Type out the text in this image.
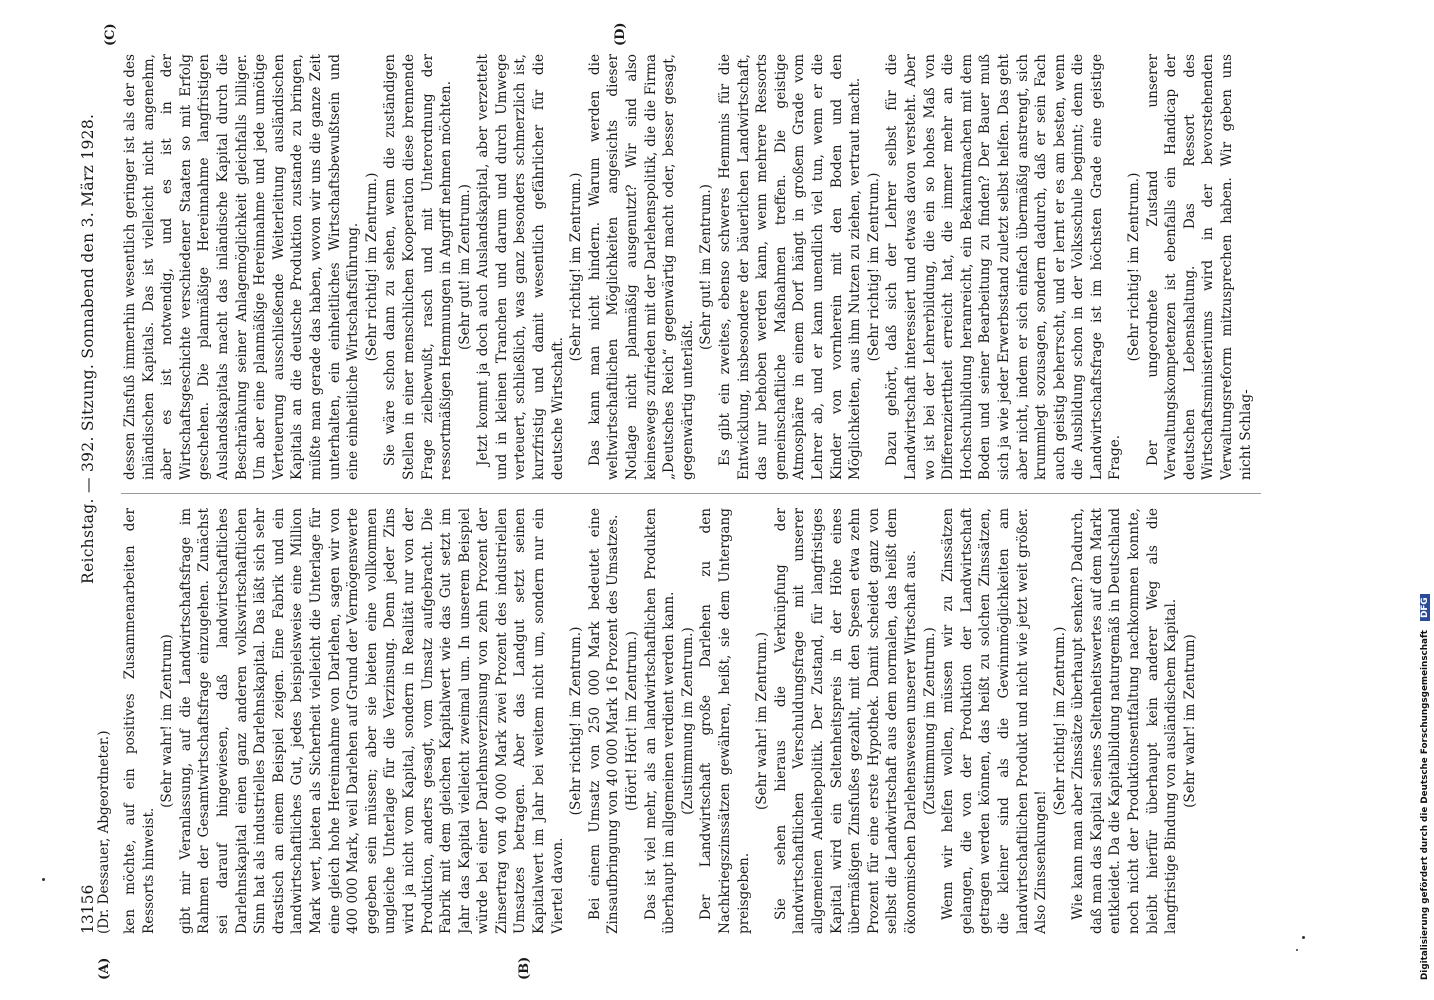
13156
Reichstag. — 392. Sitzung. Sonnabend den 3. März 1928.
(Dr. Dessauer, Abgeordneter.)
(A)	(B)
(C)	(D)

ken möchte, auf ein positives Zusammenarbeiten der Ressorts hinweist.

(Sehr wahr! im Zentrum) gibt mir Veranlassung, auf die Landwirtschaftsfrage im Rahmen der Gesamtwirtschaftsfrage einzugehen. Zunächst sei darauf hingewiesen, daß landwirtschaftliches Darlehnskapital einen ganz anderen volkswirtschaftlichen Sinn hat als industrielles Darlehnskapital. Das läßt sich sehr drastisch an einem Beispiel zeigen. Eine Fabrik und ein landwirtschaftliches Gut, jedes beispielsweise eine Million Mark wert, bieten als Sicherheit vielleicht die Unterlage für eine gleich hohe Hereinnahme von Darlehen, sagen wir von 400 000 Mark, weil Darlehen auf Grund der Vermögenswerte gegeben sein müssen; aber sie bieten eine vollkommen ungleiche Unterlage für die Verzinsung. Denn jeder Zins wird ja nicht vom Kapital, sondern in Realität nur von der Produktion, anders gesagt, vom Umsatz aufgebracht. Die Fabrik mit dem gleichen Kapitalwert wie das Gut setzt im Jahr das Kapital vielleicht zweimal um. In unserem Beispiel würde bei einer Darlehnsverzinsung von zehn Prozent der Zinsertrag von 40 000 Mark zwei Prozent des industriellen Umsatzes betragen. Aber das Landgut setzt seinen Kapitalwert im Jahr bei weitem nicht um, sondern nur ein Viertel davon.

(Sehr richtig! im Zentrum.) Bei einem Umsatz von 250 000 Mark bedeutet eine Zinsaufbringung von 40 000 Mark 16 Prozent des Umsatzes. (Hört! Hört! im Zentrum.) Das ist viel mehr, als an landwirtschaftlichen Produkten überhaupt im allgemeinen verdient werden kann. (Zustimmung im Zentrum.) Der Landwirtschaft große Darlehen zu den Nachkriegszinssätzen gewähren, heißt, sie dem Untergang preisgeben.

(Sehr wahr! im Zentrum.) Sie sehen hieraus die Verknüpfung der landwirtschaftlichen Verschuldungsfrage mit unserer allgemeinen Anleihepolitik. Der Zustand, für langfristiges Kapital wird ein Seltenheitspreis in der Höhe eines übermäßigen Zinsfußes gezahlt, mit den Spesen etwa zehn Prozent für eine erste Hypothek. Damit scheidet ganz von selbst die Landwirtschaft aus dem normalen, das heißt dem ökonomischen Darlehenswesen unserer Wirtschaft aus. (Zustimmung im Zentrum.) Wenn wir helfen wollen, müssen wir zu Zinssätzen gelangen, die von der Produktion der Landwirtschaft getragen werden können, das heißt zu solchen Zinssätzen, die kleiner sind als die Gewinnmöglichkeiten am landwirtschaftlichen Produkt und nicht wie jetzt weit größer. Also Zinssenkungen!

(Sehr richtig! im Zentrum.) Wie kann man aber Zinssätze überhaupt senken? Dadurch, daß man das Kapital seines Seltenheitswertes auf dem Markt entkleidet. Da die Kapitalbildung naturgemäß in Deutschland noch nicht der Produktionsentfaltung nachkommen konnte, bleibt hierfür überhaupt kein anderer Weg als die langfristige Bindung von ausländischem Kapital. (Sehr wahr! im Zentrum)

dessen Zinsfuß immerhin wesentlich geringer ist als der des inländischen Kapitals. Das ist vielleicht nicht angenehm, aber es ist notwendig, und es ist in der Wirtschaftsgeschichte verschiedener Staaten so mit Erfolg geschehen. Die planmäßige Hereinnahme langfristigen Auslandskapitals macht das inländische Kapital durch die Beschränkung seiner Anlagemöglichkeit gleichfalls billiger. Um aber eine planmäßige Hereinnahme und jede unnötige Verteuerung ausschließende Weiterleitung ausländischen Kapitals an die deutsche Produktion zustande zu bringen, müßte man gerade das haben, wovon wir uns die ganze Zeit unterhalten, ein einheitliches Wirtschaftsbewußtsein und eine einheitliche Wirtschaftsführung. (Sehr richtig! im Zentrum.) Sie wäre schon dann zu sehen, wenn die zuständigen Stellen in einer menschlichen Kooperation diese brennende Frage zielbewußt, rasch und mit Unterordnung der ressortmäßigen Hemmungen in Angriff nehmen möchten. (Sehr gut! im Zentrum.) Jetzt kommt ja doch auch Auslandskapital, aber verzettelt und in kleinen Tranchen und darum und durch Umwege verteuert, schließlich, was ganz besonders schmerzlich ist, kurzfristig und damit wesentlich gefährlicher für die deutsche Wirtschaft.

(Sehr richtig! im Zentrum.) Das kann man nicht hindern. Warum werden die weltwirtschaftlichen Möglichkeiten angesichts dieser Notlage nicht planmäßig ausgenutzt? Wir sind also keineswegs zufrieden mit der Darlehenspolitik, die die Firma „Deutsches Reich“ gegenwärtig macht oder, besser gesagt, gegenwärtig unterläßt.

(Sehr gut! im Zentrum.) Es gibt ein zweites, ebenso schweres Hemmnis für die Entwicklung, insbesondere der bäuerlichen Landwirtschaft, das nur behoben werden kann, wenn mehrere Ressorts gemeinschaftliche Maßnahmen treffen. Die geistige Atmosphäre in einem Dorf hängt in großem Grade vom Lehrer ab, und er kann unendlich viel tun, wenn er die Kinder von vornherein mit den Boden und den Möglichkeiten, aus ihm Nutzen zu ziehen, vertraut macht. (Sehr richtig! im Zentrum.) Dazu gehört, daß sich der Lehrer selbst für die Landwirtschaft interessiert und etwas davon versteht. Aber wo ist bei der Lehrerbildung, die ein so hohes Maß von Differenzierttheit erreicht hat, die immer mehr an die Hochschulbildung heranreicht, ein Bekanntmachen mit dem Boden und seiner Bearbeitung zu finden? Der Bauer muß sich ja wie jeder Erwerbsstand zuletzt selbst helfen. Das geht aber nicht, indem er sich einfach übermäßig anstrengt, sich krummlegt sozusagen, sondern dadurch, daß er sein Fach auch geistig beherrscht, und er lernt er es am besten, wenn die Ausbildung schon in der Volksschule beginnt; denn die Landwirtschaftsfrage ist im höchsten Grade eine geistige Frage.

(Sehr richtig! im Zentrum.) Der ungeordnete Zustand unserer Verwaltungskompetenzen ist ebenfalls ein Handicap der deutschen Lebenshaltung. Das Ressort des Wirtschaftsministeriums wird in der bevorstehenden Verwaltungsreform mitzusprechen haben. Wir geben uns nicht Schlag-

Digitalisierung gefördert durch die Deutsche Forschungsgemeinschaft DFG
